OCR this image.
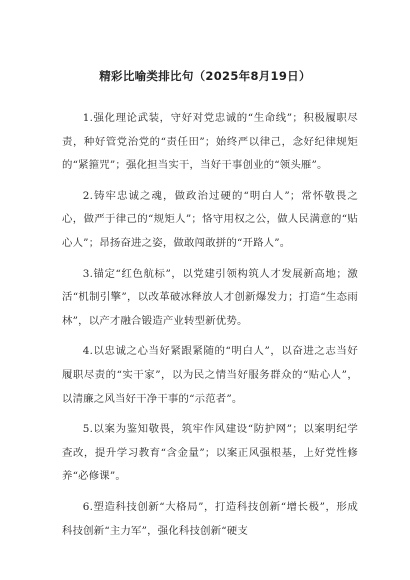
精彩比喻类排比句（2025年8月19日）

1.强化理论武装，守好对党忠诚的“生命线”；积极履职尽责，种好管党治党的“责任田”；始终严以律己，念好纪律规矩的“紧箍咒”；强化担当实干，当好干事创业的“领头雁”。

2.铸牢忠诚之魂，做政治过硬的“明白人”；常怀敬畏之心，做严于律己的“规矩人”；恪守用权之公，做人民满意的“贴心人”；昂扬奋进之姿，做敢闯敢拼的“开路人”。

3.锚定“红色航标”，以党建引领构筑人才发展新高地；激活“机制引擎”，以改革破冰释放人才创新爆发力；打造“生态雨林”，以产才融合锻造产业转型新优势。

4.以忠诚之心当好紧跟紧随的“明白人”，以奋进之志当好履职尽责的“实干家”，以为民之情当好服务群众的“贴心人”，以清廉之风当好干净干事的“示范者”。

5.以案为鉴知敬畏，筑牢作风建设“防护网”；以案明纪学查改，提升学习教育“含金量”；以案正风强根基，上好党性修养“必修课”。

6.塑造科技创新“大格局”，打造科技创新“增长极”，形成科技创新“主力军”，强化科技创新“硬支
